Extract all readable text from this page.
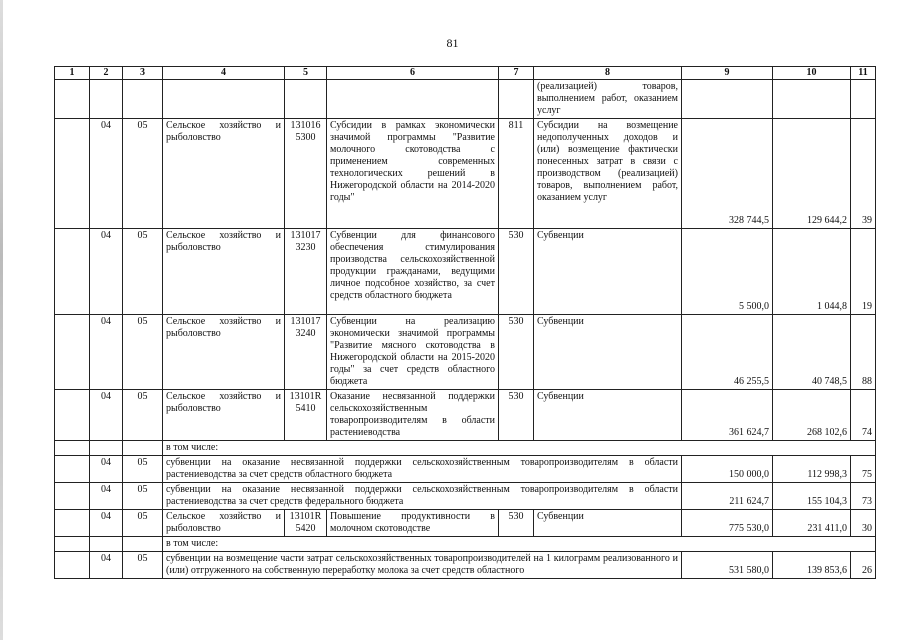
81
1	2	3	4	5	6	7	8	9	10	11
							(реализацией) товаров, выполнением работ, оказанием услуг			
	04	05	Сельское хозяйство и рыболовство	131016 5300	Субсидии в рамках экономически значимой программы "Развитие молочного скотоводства с применением современных технологических решений в Нижегородской области на 2014-2020 годы"	811	Субсидии на возмещение недополученных доходов и (или) возмещение фактически понесенных затрат в связи с производством (реализацией) товаров, выполнением работ, оказанием услуг	328 744,5	129 644,2	39
	04	05	Сельское хозяйство и рыболовство	131017 3230	Субвенции для финансового обеспечения стимулирования производства сельскохозяйственной продукции гражданами, ведущими личное подсобное хозяйство, за счет средств областного бюджета	530	Субвенции	5 500,0	1 044,8	19
	04	05	Сельское хозяйство и рыболовство	131017 3240	Субвенции на реализацию экономически значимой программы "Развитие мясного скотоводства в Нижегородской области на 2015-2020 годы" за счет средств областного бюджета	530	Субвенции	46 255,5	40 748,5	88
	04	05	Сельское хозяйство и рыболовство	13101R 5410	Оказание несвязанной поддержки сельскохозяйственным товаропроизводителям в области растениеводства	530	Субвенции	361 624,7	268 102,6	74
			в том числе:							
	04	05	субвенции на оказание несвязанной поддержки сельскохозяйственным товаропроизводителям в области растениеводства за счет средств областного бюджета					150 000,0	112 998,3	75
	04	05	субвенции на оказание несвязанной поддержки сельскохозяйственным товаропроизводителям в области растениеводства за счет средств федерального бюджета					211 624,7	155 104,3	73
	04	05	Сельское хозяйство и рыболовство	13101R 5420	Повышение продуктивности в молочном скотоводстве	530	Субвенции	775 530,0	231 411,0	30
			в том числе:							
	04	05	субвенции на возмещение части затрат сельскохозяйственных товаропроизводителей на 1 килограмм реализованного и (или) отгруженного на собственную переработку молока за счет средств областного					531 580,0	139 853,6	26
